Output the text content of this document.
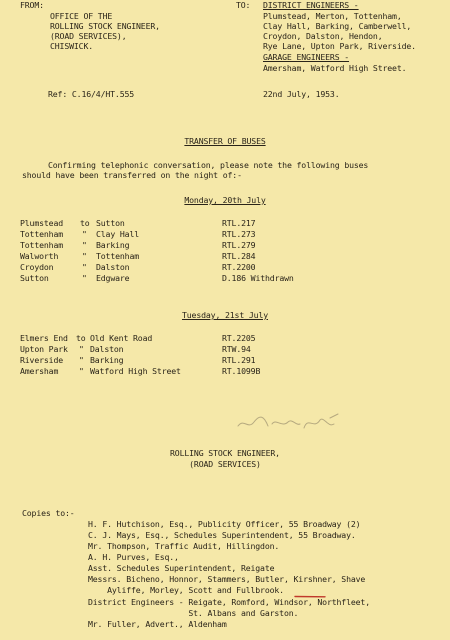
FROM:
OFFICE OF THE
ROLLING STOCK ENGINEER,
(ROAD SERVICES),
CHISWICK.
TO: DISTRICT ENGINEERS -
Plumstead, Merton, Tottenham,
Clay Hall, Barking, Camberwell,
Croydon, Dalston, Hendon,
Rye Lane, Upton Park, Riverside.
GARAGE ENGINEERS -
Amersham, Watford High Street.
Ref: C.16/4/HT.555	22nd July, 1953.
TRANSFER OF BUSES
Confirming telephonic conversation, please note the following buses
should have been transferred on the night of:-
Monday, 20th July
Plumstead to Sutton	RTL.217
Tottenham " Clay Hall	RTL.273
Tottenham " Barking	RTL.279
Walworth	" Tottenham	RTL.284
Croydon	" Dalston	RT.2200
Sutton	" Edgware	D.186 Withdrawn
Tuesday, 21st July
Elmers End to Old Kent Road	RT.2205
Upton Park " Dalston	RTW.94
Riverside " Barking	RTL.291
Amersham	" Watford High Street	RT.1099B
ROLLING STOCK ENGINEER,
(ROAD SERVICES)
Copies to:-
H. F. Hutchison, Esq., Publicity Officer, 55 Broadway (2)
C. J. Mays, Esq., Schedules Superintendent, 55 Broadway.
Mr. Thompson, Traffic Audit, Hillingdon.
A. H. Purves, Esq.,
Asst. Schedules Superintendent, Reigate
Messrs. Bicheno, Honnor, Stammers, Butler, Kirshner, Shave
Ayliffe, Morley, Scott and Fullbrook.
District Engineers - Reigate, Romford, Windsor, Northfleet,
St. Albans and Garston.
Mr. Fuller, Advert., Aldenham
